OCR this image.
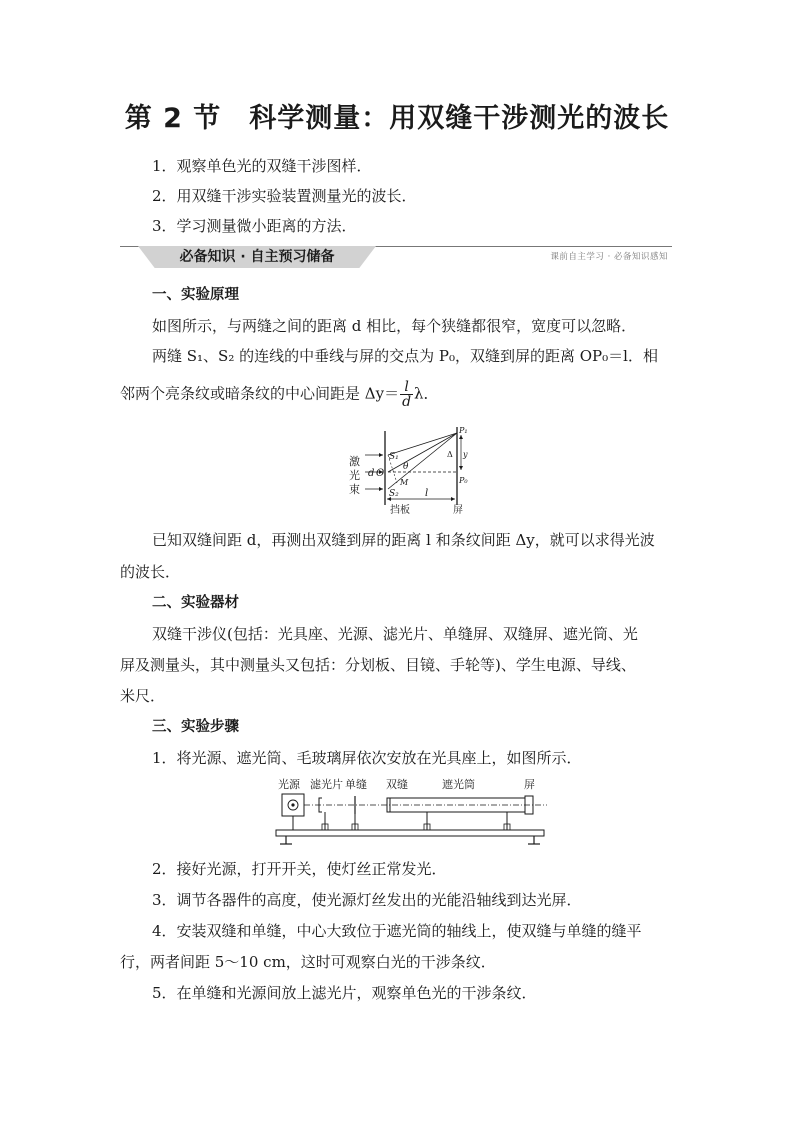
第 2 节　科学测量：用双缝干涉测光的波长
1．观察单色光的双缝干涉图样．
2．用双缝干涉实验装置测量光的波长．
3．学习测量微小距离的方法．
必备知识 · 自主预习储备	课前自主学习 · 必备知识感知
一、实验原理
如图所示，与两缝之间的距离 d 相比，每个狭缝都很窄，宽度可以忽略．
两缝 S₁、S₂ 的连线的中垂线与屏的交点为 P₀，双缝到屏的距离 OP₀＝l．相
邻两个亮条纹或暗条纹的中心间距是 $\Delta y= \frac{l}{d}$ λ．
激
光
束
d O
S₁
S₂
θ
M
P₁
P₀
y
Δ
l
挡板	屏
已知双缝间距 d，再测出双缝到屏的距离 l 和条纹间距 Δy，就可以求得光波
的波长．
二、实验器材
双缝干涉仪(包括：光具座、光源、滤光片、单缝屏、双缝屏、遮光筒、光
屏及测量头，其中测量头又包括：分划板、目镜、手轮等)、学生电源、导线、
米尺．
三、实验步骤
1．将光源、遮光筒、毛玻璃屏依次安放在光具座上，如图所示．
光源 滤光片 单缝 双缝	遮光筒	屏
2．接好光源，打开开关，使灯丝正常发光．
3．调节各器件的高度，使光源灯丝发出的光能沿轴线到达光屏．
4．安装双缝和单缝，中心大致位于遮光筒的轴线上，使双缝与单缝的缝平
行，两者间距 5～10 cm，这时可观察白光的干涉条纹．
5．在单缝和光源间放上滤光片，观察单色光的干涉条纹．
